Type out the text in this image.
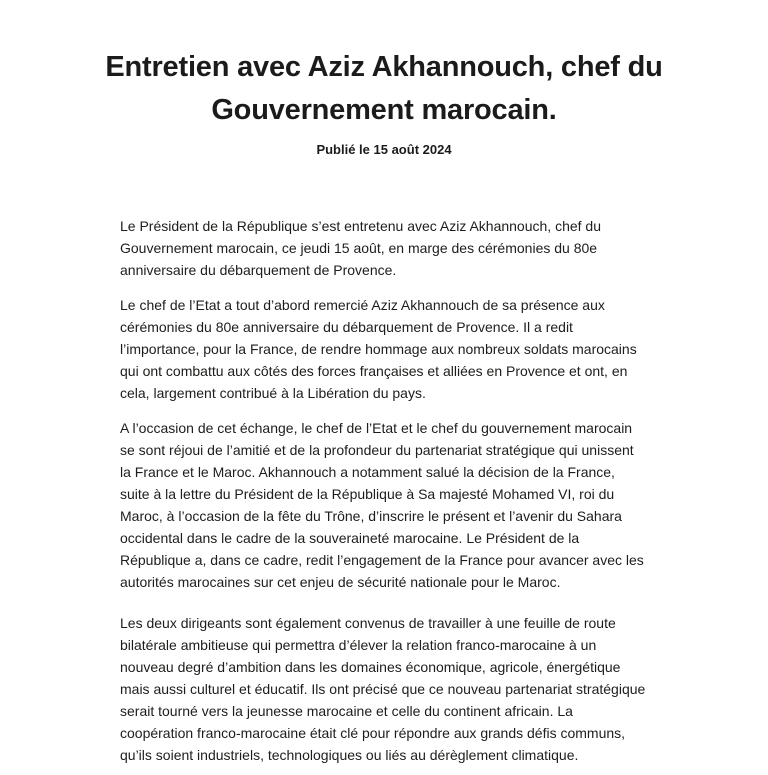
Entretien avec Aziz Akhannouch, chef du Gouvernement marocain.
Publié le 15 août 2024

Le Président de la République s’est entretenu avec Aziz Akhannouch, chef du Gouvernement marocain, ce jeudi 15 août, en marge des cérémonies du 80e anniversaire du débarquement de Provence.

Le chef de l’Etat a tout d’abord remercié Aziz Akhannouch de sa présence aux cérémonies du 80e anniversaire du débarquement de Provence. Il a redit l’importance, pour la France, de rendre hommage aux nombreux soldats marocains qui ont combattu aux côtés des forces françaises et alliées en Provence et ont, en cela, largement contribué à la Libération du pays.

A l’occasion de cet échange, le chef de l’Etat et le chef du gouvernement marocain se sont réjoui de l’amitié et de la profondeur du partenariat stratégique qui unissent la France et le Maroc. Akhannouch a notamment salué la décision de la France, suite à la lettre du Président de la République à Sa majesté Mohamed VI, roi du Maroc, à l’occasion de la fête du Trône, d’inscrire le présent et l’avenir du Sahara occidental dans le cadre de la souveraineté marocaine. Le Président de la République a, dans ce cadre, redit l’engagement de la France pour avancer avec les autorités marocaines sur cet enjeu de sécurité nationale pour le Maroc.

Les deux dirigeants sont également convenus de travailler à une feuille de route bilatérale ambitieuse qui permettra d’élever la relation franco-marocaine à un nouveau degré d’ambition dans les domaines économique, agricole, énergétique mais aussi culturel et éducatif. Ils ont précisé que ce nouveau partenariat stratégique serait tourné vers la jeunesse marocaine et celle du continent africain. La coopération franco-marocaine était clé pour répondre aux grands défis communs, qu’ils soient industriels, technologiques ou liés au dérèglement climatique.
